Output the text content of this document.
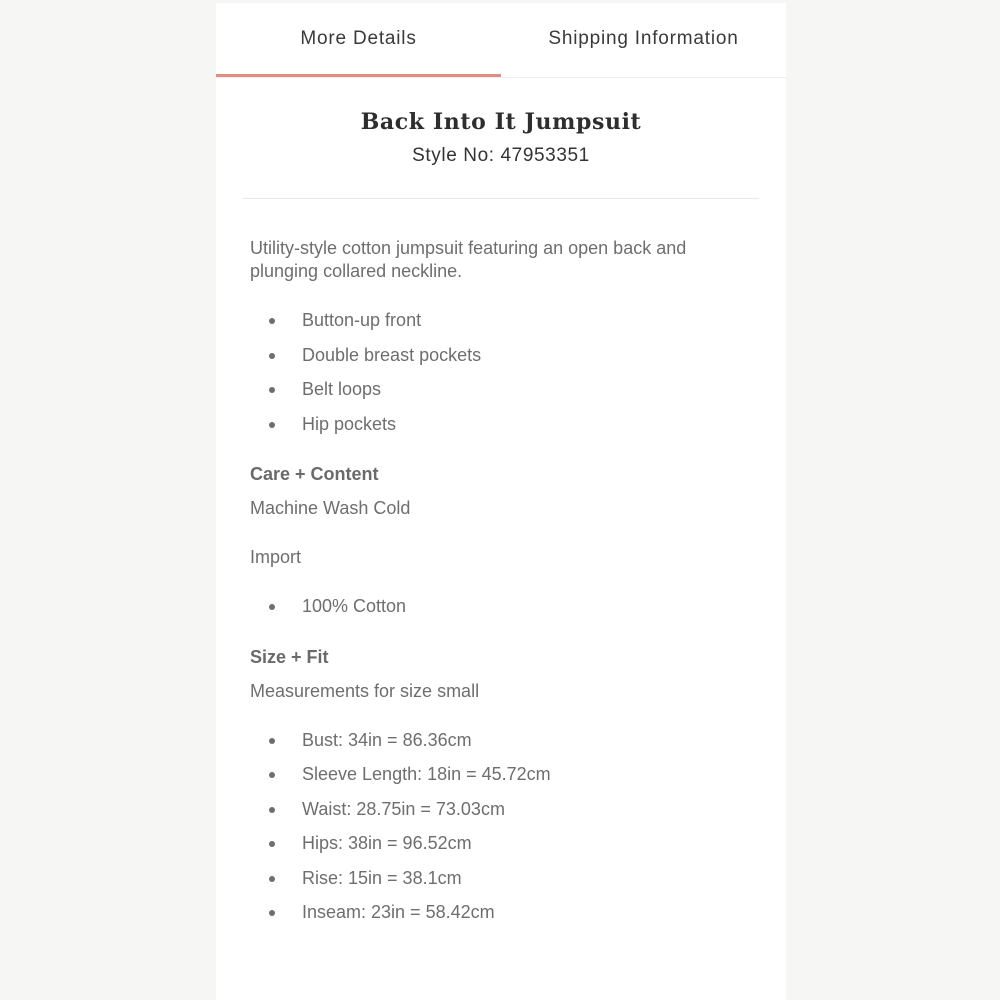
More Details	Shipping Information
Back Into It Jumpsuit
Style No: 47953351

Utility-style cotton jumpsuit featuring an open back and plunging collared neckline.

Button-up front
Double breast pockets
Belt loops
Hip pockets

Care + Content

Machine Wash Cold

Import

100% Cotton

Size + Fit

Measurements for size small

Bust: 34in = 86.36cm
Sleeve Length: 18in = 45.72cm
Waist: 28.75in = 73.03cm
Hips: 38in = 96.52cm
Rise: 15in = 38.1cm
Inseam: 23in = 58.42cm
